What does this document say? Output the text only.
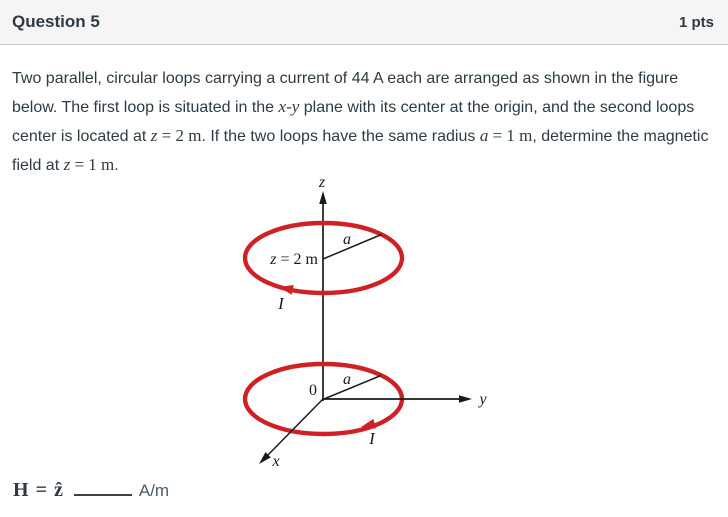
Question 5	1 pts
Two parallel, circular loops carrying a current of 44 A each are arranged as shown in the figure below. The first loop is situated in the x-y plane with its center at the origin, and the second loops center is located at z = 2 m. If the two loops have the same radius a = 1 m, determine the magnetic field at z = 1 m.
z
a
z = 2 m
I
y
x
a
0
I
H = ẑ	A/m
